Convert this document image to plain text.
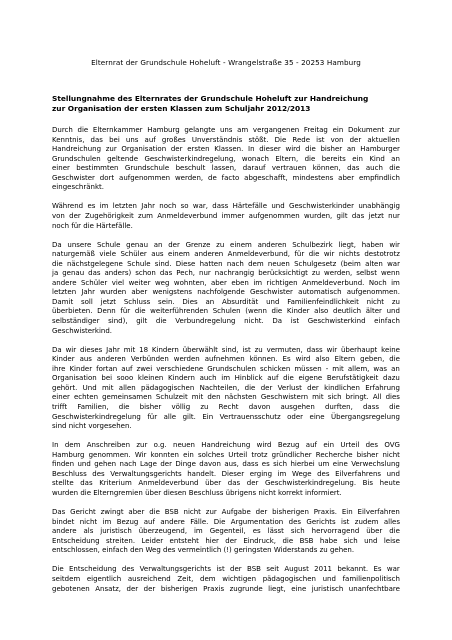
Elternrat der Grundschule Hoheluft - Wrangelstraße 35 - 20253 Hamburg
Stellungnahme des Elternrates der Grundschule Hoheluft zur Handreichung
zur Organisation der ersten Klassen zum Schuljahr 2012/2013
Durch die Elternkammer Hamburg gelangte uns am vergangenen Freitag ein Dokument zur
Kenntnis, das bei uns auf großes Unverständnis stößt. Die Rede ist von der aktuellen
Handreichung zur Organisation der ersten Klassen. In dieser wird die bisher an Hamburger
Grundschulen geltende Geschwisterkindregelung, wonach Eltern, die bereits ein Kind an
einer bestimmten Grundschule beschult lassen, darauf vertrauen können, das auch die
Geschwister dort aufgenommen werden, de facto abgeschafft, mindestens aber empfindlich
eingeschränkt.
Während es im letzten Jahr noch so war, dass Härtefälle und Geschwisterkinder unabhängig
von der Zugehörigkeit zum Anmeldeverbund immer aufgenommen wurden, gilt das jetzt nur
noch für die Härtefälle.
Da unsere Schule genau an der Grenze zu einem anderen Schulbezirk liegt, haben wir
naturgemäß viele Schüler aus einem anderen Anmeldeverbund, für die wir nichts destotrotz
die nächstgelegene Schule sind. Diese hatten nach dem neuen Schulgesetz (beim alten war
ja genau das anders) schon das Pech, nur nachrangig berücksichtigt zu werden, selbst wenn
andere Schüler viel weiter weg wohnten, aber eben im richtigen Anmeldeverbund. Noch im
letzten Jahr wurden aber wenigstens nachfolgende Geschwister automatisch aufgenommen.
Damit soll jetzt Schluss sein. Dies an Absurdität und Familienfeindlichkeit nicht zu
überbieten. Denn für die weiterführenden Schulen (wenn die Kinder also deutlich älter und
selbständiger sind), gilt die Verbundregelung nicht. Da ist Geschwisterkind einfach
Geschwisterkind.
Da wir dieses Jahr mit 18 Kindern überwählt sind, ist zu vermuten, dass wir überhaupt keine
Kinder aus anderen Verbünden werden aufnehmen können. Es wird also Eltern geben, die
ihre Kinder fortan auf zwei verschiedene Grundschulen schicken müssen - mit allem, was an
Organisation bei sooo kleinen Kindern auch im Hinblick auf die eigene Berufstätigkeit dazu
gehört. Und mit allen pädagogischen Nachteilen, die der Verlust der kindlichen Erfahrung
einer echten gemeinsamen Schulzeit mit den nächsten Geschwistern mit sich bringt. All dies
trifft Familien, die bisher völlig zu Recht davon ausgehen durften, dass die
Geschwisterkindregelung für alle gilt. Ein Vertrauensschutz oder eine Übergangsregelung
sind nicht vorgesehen.
In dem Anschreiben zur o.g. neuen Handreichung wird Bezug auf ein Urteil des OVG
Hamburg genommen. Wir konnten ein solches Urteil trotz gründlicher Recherche bisher nicht
finden und gehen nach Lage der Dinge davon aus, dass es sich hierbei um eine Verwechslung
Beschluss des Verwaltungsgerichts handelt. Dieser erging im Wege des Eilverfahrens und
stellte das Kriterium Anmeldeverbund über das der Geschwisterkindregelung. Bis heute
wurden die Elterngremien über diesen Beschluss übrigens nicht korrekt informiert.
Das Gericht zwingt aber die BSB nicht zur Aufgabe der bisherigen Praxis. Ein Eilverfahren
bindet nicht im Bezug auf andere Fälle. Die Argumentation des Gerichts ist zudem alles
andere als juristisch überzeugend, im Gegenteil, es lässt sich hervorragend über die
Entscheidung streiten. Leider entsteht hier der Eindruck, die BSB habe sich und leise
entschlossen, einfach den Weg des vermeintlich (!) geringsten Widerstands zu gehen.
Die Entscheidung des Verwaltungsgerichts ist der BSB seit August 2011 bekannt. Es war
seitdem eigentlich ausreichend Zeit, dem wichtigen pädagogischen und familienpolitisch
gebotenen Ansatz, der der bisherigen Praxis zugrunde liegt, eine juristisch unanfechtbare
